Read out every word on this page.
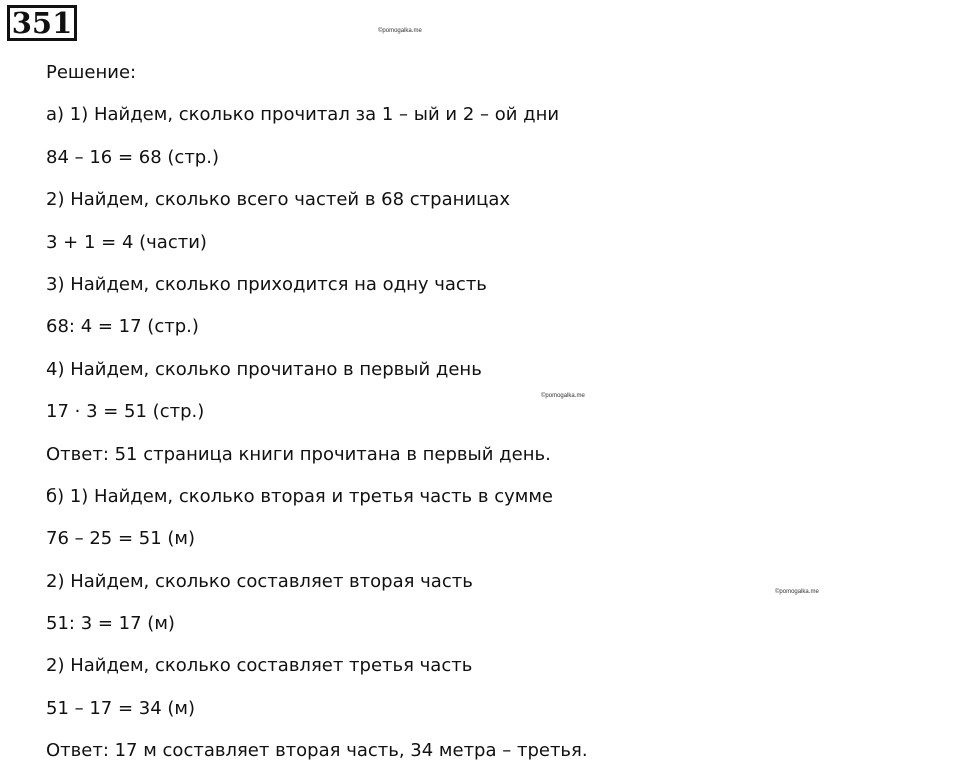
351	©pomogalka.me
©pomogalka.me
©pomogalka.me
Решение:
а) 1) Найдем, сколько прочитал за 1 – ый и 2 – ой дни
84 – 16 = 68 (стр.)
2) Найдем, сколько всего частей в 68 страницах
3 + 1 = 4 (части)
3) Найдем, сколько приходится на одну часть
68: 4 = 17 (стр.)
4) Найдем, сколько прочитано в первый день
17 · 3 = 51 (стр.)
Ответ: 51 страница книги прочитана в первый день.
б) 1) Найдем, сколько вторая и третья часть в сумме
76 – 25 = 51 (м)
2) Найдем, сколько составляет вторая часть
51: 3 = 17 (м)
2) Найдем, сколько составляет третья часть
51 – 17 = 34 (м)
Ответ: 17 м составляет вторая часть, 34 метра – третья.
